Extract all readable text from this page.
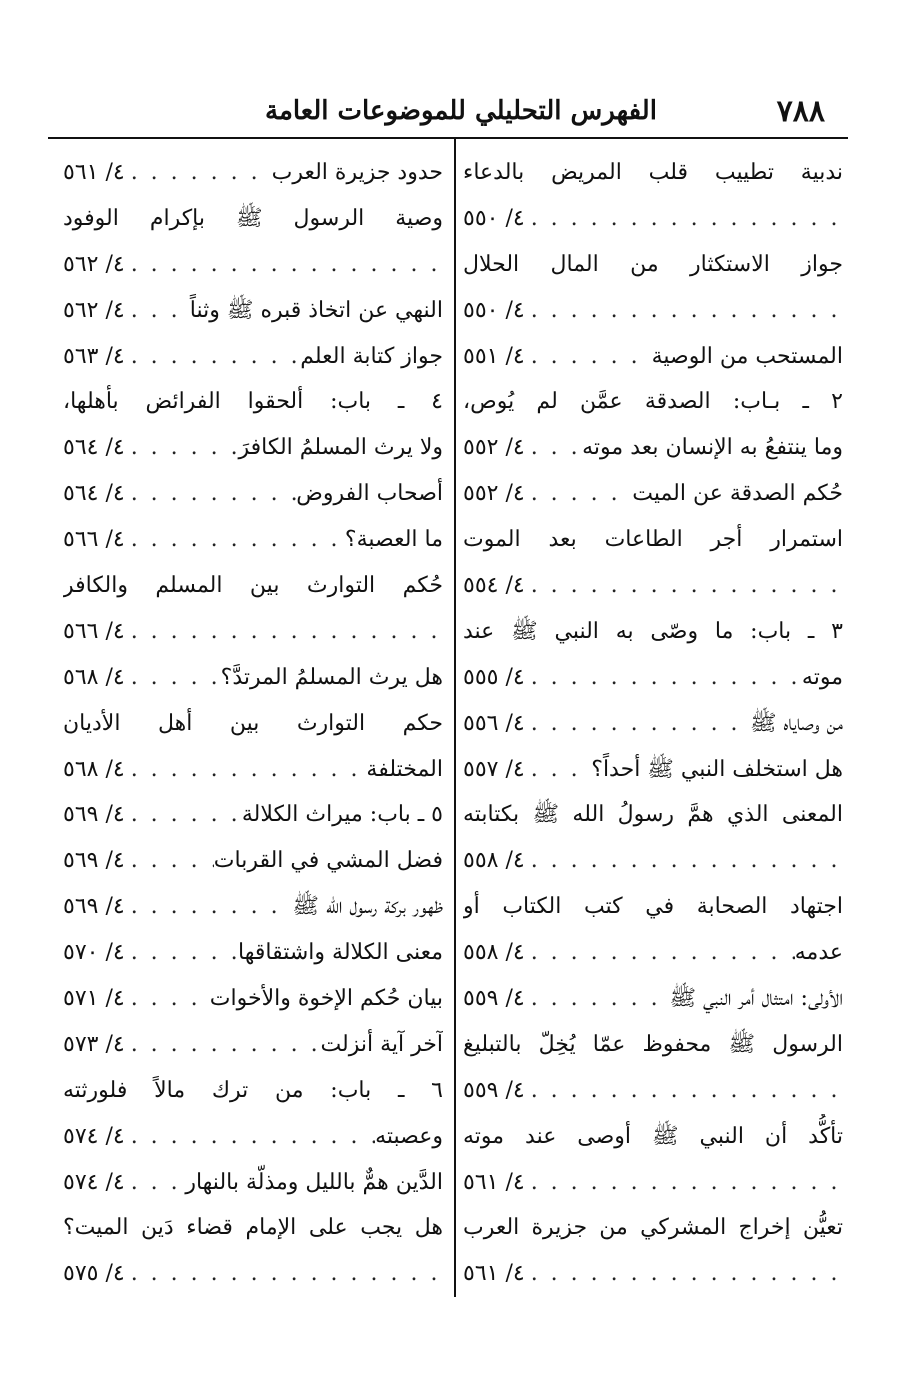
٧٨٨
الفهرس التحليلي للموضوعات العامة
ندبية تطييب قلب المريض بالدعاء
. . .
٤/ ٥٥٠
جواز الاستكثار من المال الحلال
. . .
٤/ ٥٥٠
المستحب من الوصية
. . .
٤/ ٥٥١
٢ ـ بـاب: الصدقة عمَّن لم يُوص،
وما ينتفعُ به الإنسان بعد موته
. . .
٤/ ٥٥٢
حُكم الصدقة عن الميت
. . .
٤/ ٥٥٢
استمرار أجر الطاعات بعد الموت
. . .
٤/ ٥٥٤
٣ ـ باب: ما وصّى به النبي ﷺ عند
موته
. . .
٤/ ٥٥٥
من وصاياه ﷺ
. . .
٤/ ٥٥٦
هل استخلف النبي ﷺ أحداً؟
. . .
٤/ ٥٥٧
المعنى الذي همَّ رسولُ الله ﷺ بكتابته
. . .
٤/ ٥٥٨
اجتهاد الصحابة في كتب الكتاب أو
عدمه
. . .
٤/ ٥٥٨
الأولى: امتثال أمر النبي ﷺ
. . .
٤/ ٥٥٩
الرسول ﷺ محفوظ عمّا يُخِلّ بالتبليغ
. . .
٤/ ٥٥٩
تأكُّد أن النبي ﷺ أوصى عند موته
. . .
٤/ ٥٦١
تعيُّن إخراج المشركي من جزيرة العرب
. . .
٤/ ٥٦١
حدود جزيرة العرب
. . .
٤/ ٥٦١
وصية الرسول ﷺ بإكرام الوفود
. . .
٤/ ٥٦٢
النهي عن اتخاذ قبره ﷺ وثناً
. . .
٤/ ٥٦٢
جواز كتابة العلم
. . .
٤/ ٥٦٣
٤ ـ باب: ألحقوا الفرائض بأهلها،
ولا يرث المسلمُ الكافرَ
. . .
٤/ ٥٦٤
أصحاب الفروض
. . .
٤/ ٥٦٤
ما العصبة؟
. . .
٤/ ٥٦٦
حُكم التوارث بين المسلم والكافر
. . .
٤/ ٥٦٦
هل يرث المسلمُ المرتدَّ؟
. . .
٤/ ٥٦٨
حكم التوارث بين أهل الأديان
المختلفة
. . .
٤/ ٥٦٨
٥ ـ باب: ميراث الكلالة
. . .
٤/ ٥٦٩
فضل المشي في القربات
. . .
٤/ ٥٦٩
ظهور بركة رسول الله ﷺ
. . .
٤/ ٥٦٩
معنى الكلالة واشتقاقها
. . .
٤/ ٥٧٠
بيان حُكم الإخوة والأخوات
. . .
٤/ ٥٧١
آخر آية أنزلت
. . .
٤/ ٥٧٣
٦ ـ باب: من ترك مالاً فلورثته
وعصبته
. . .
٤/ ٥٧٤
الدَّين همٌّ بالليل ومذلّة بالنهار
. . .
٤/ ٥٧٤
هل يجب على الإمام قضاء دَين الميت؟
. . .
٤/ ٥٧٥
